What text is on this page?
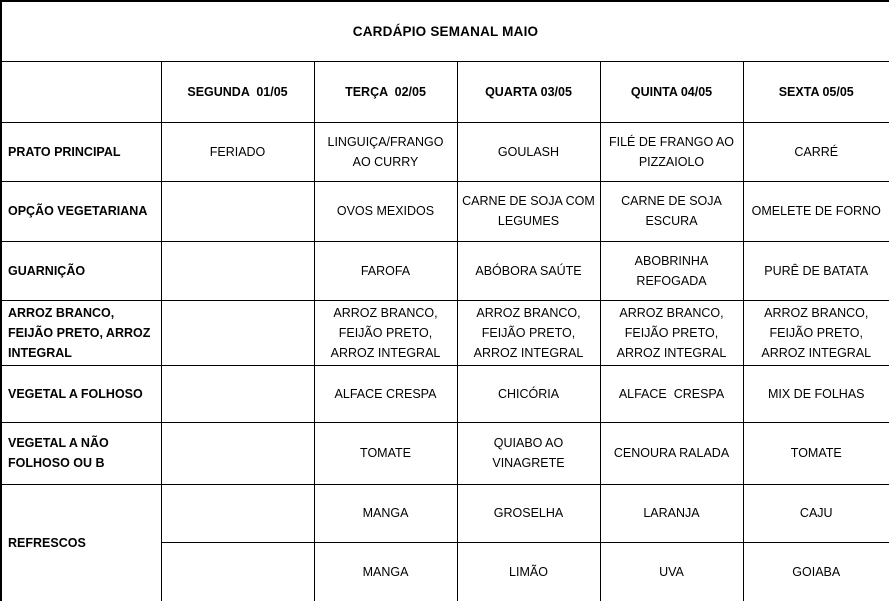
CARDÁPIO SEMANAL MAIO					
	SEGUNDA  01/05	TERÇA  02/05	QUARTA 03/05	QUINTA 04/05	SEXTA 05/05
PRATO PRINCIPAL	FERIADO	LINGUIÇA/FRANGO AO CURRY	GOULASH	FILÉ DE FRANGO AO PIZZAIOLO	CARRÉ
OPÇÃO VEGETARIANA		OVOS MEXIDOS	CARNE DE SOJA COM LEGUMES	CARNE DE SOJA ESCURA	OMELETE DE FORNO
GUARNIÇÃO		FAROFA	ABÓBORA SAÚTE	ABOBRINHA REFOGADA	PURÊ DE BATATA
ARROZ BRANCO, FEIJÃO PRETO, ARROZ INTEGRAL		ARROZ BRANCO, FEIJÃO PRETO, ARROZ INTEGRAL	ARROZ BRANCO, FEIJÃO PRETO, ARROZ INTEGRAL	ARROZ BRANCO, FEIJÃO PRETO, ARROZ INTEGRAL	ARROZ BRANCO, FEIJÃO PRETO, ARROZ INTEGRAL
VEGETAL A FOLHOSO		ALFACE CRESPA	CHICÓRIA	ALFACE  CRESPA	MIX DE FOLHAS
VEGETAL A NÃO FOLHOSO OU B		TOMATE	QUIABO AO VINAGRETE	CENOURA RALADA	TOMATE
REFRESCOS		MANGA	GROSELHA	LARANJA	CAJU
		MANGA	LIMÃO	UVA	GOIABA
